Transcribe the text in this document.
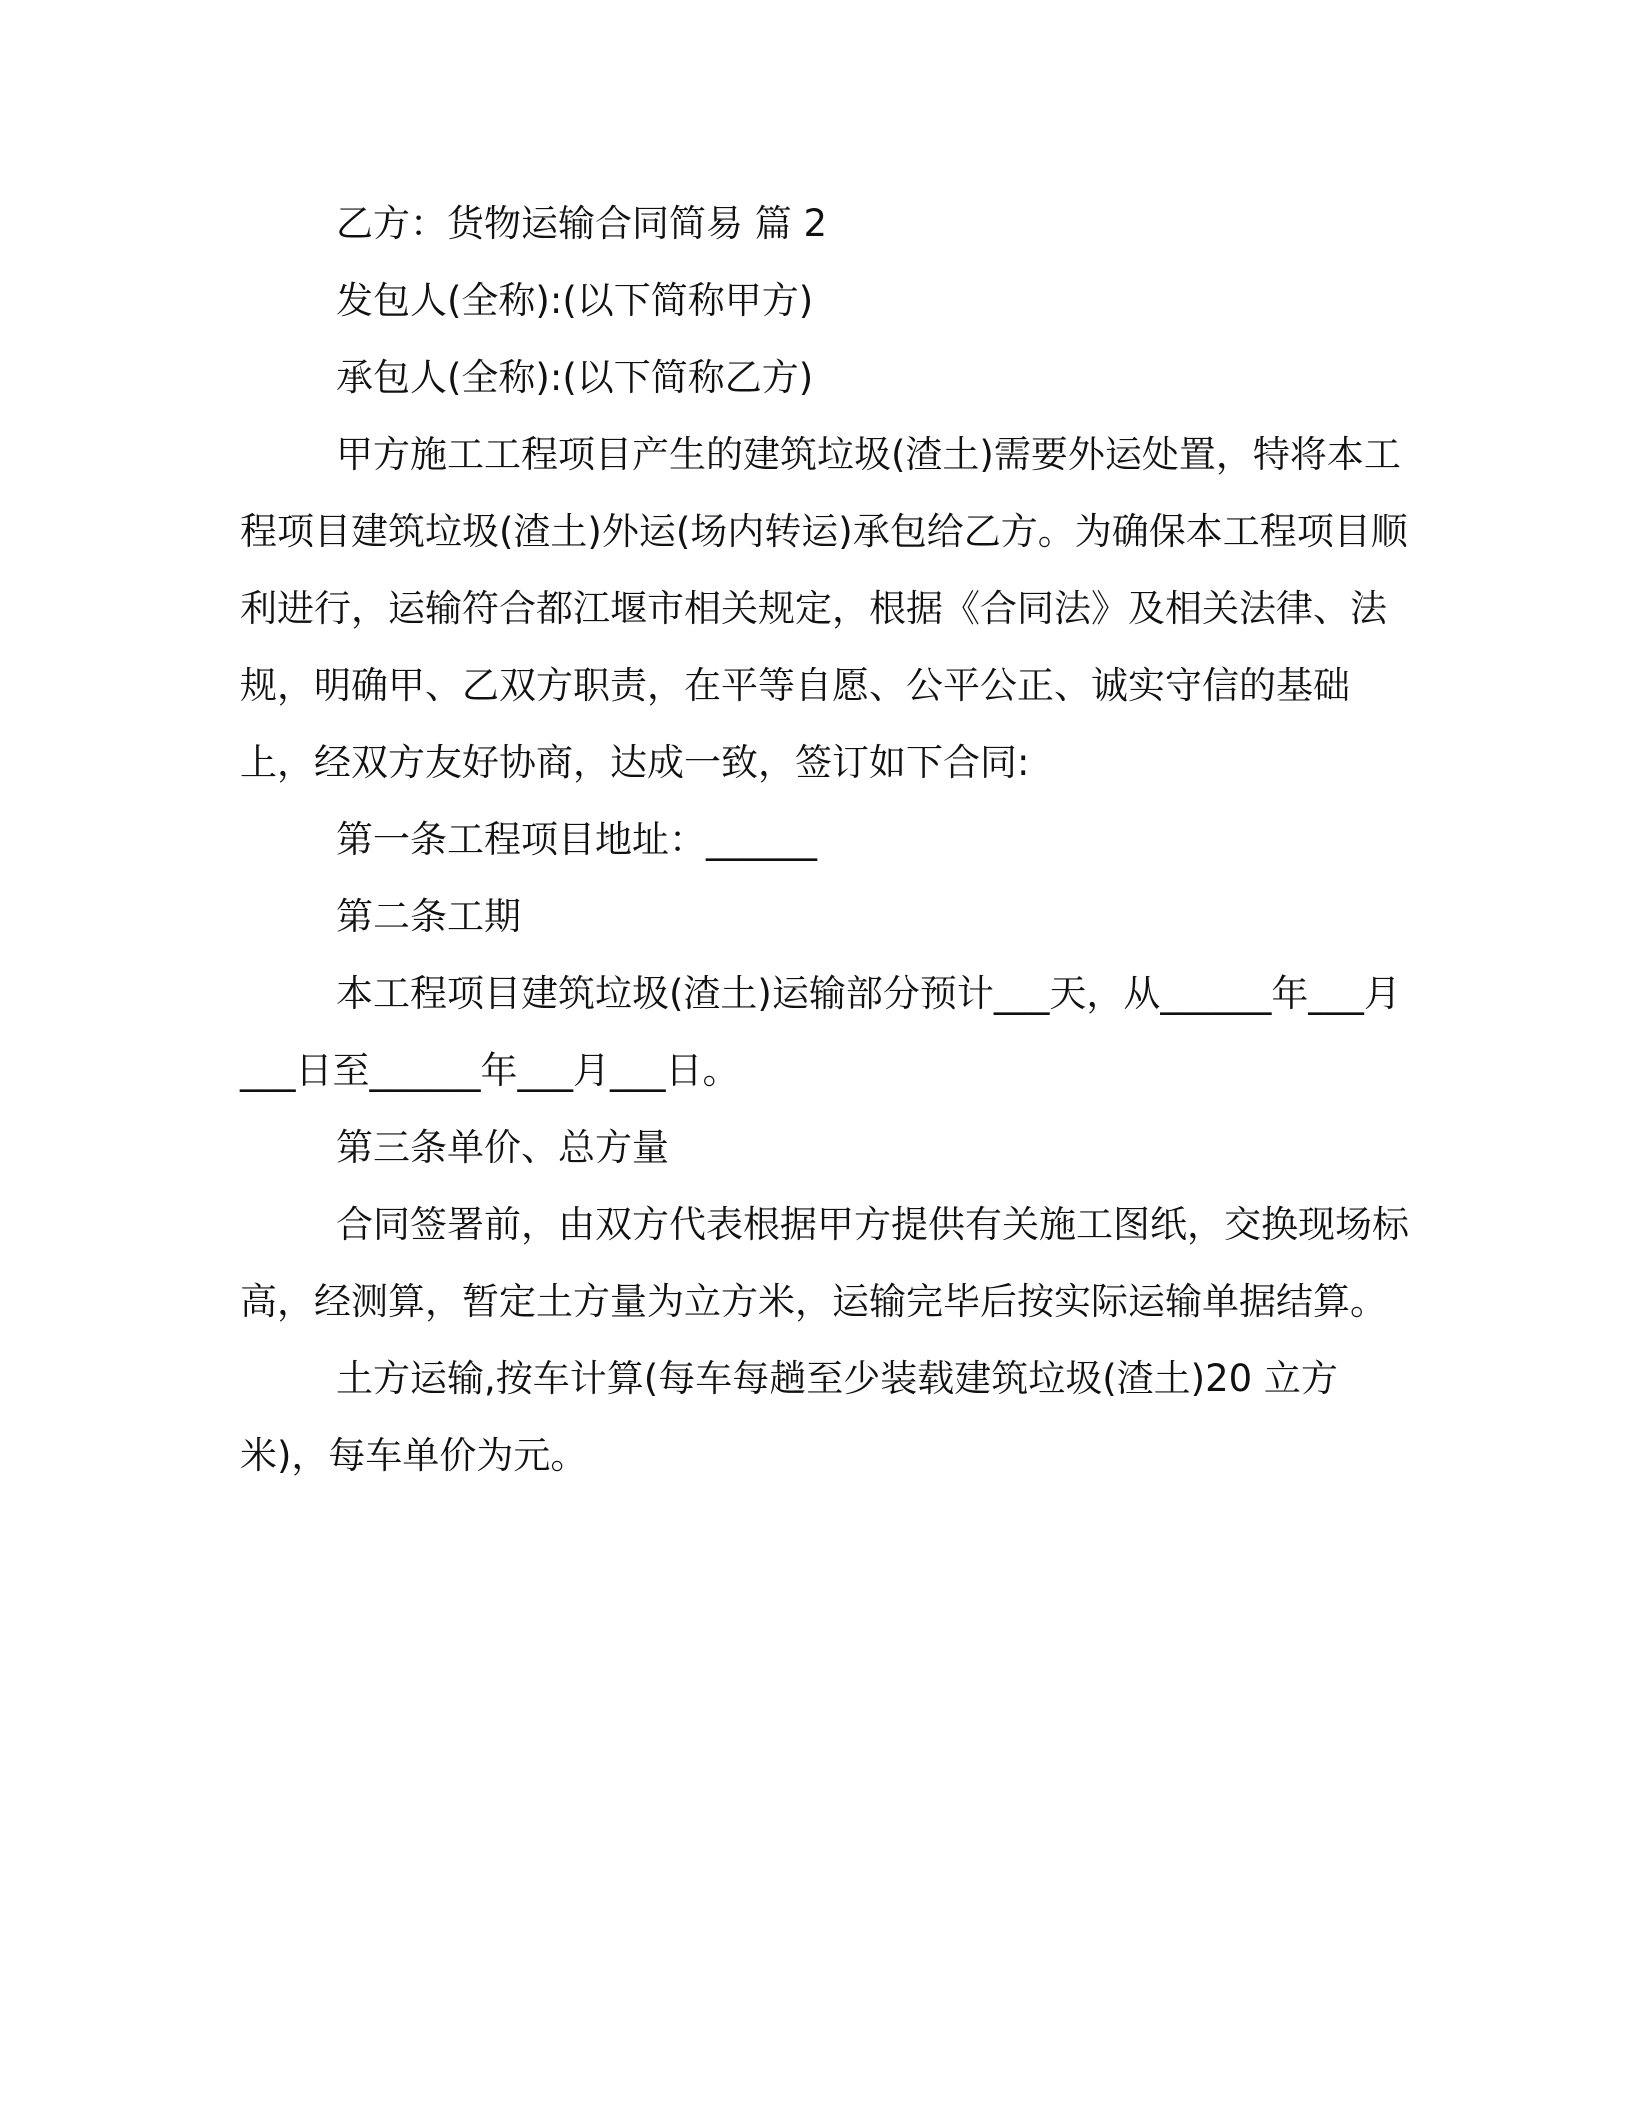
乙方：货物运输合同简易 篇 2

发包人(全称):(以下简称甲方)

承包人(全称):(以下简称乙方)

甲方施工工程项目产生的建筑垃圾(渣土)需要外运处置，特将本工程项目建筑垃圾(渣土)外运(场内转运)承包给乙方。为确保本工程项目顺利进行，运输符合都江堰市相关规定，根据《合同法》及相关法律、法规，明确甲、乙双方职责，在平等自愿、公平公正、诚实守信的基础上，经双方友好协商，达成一致，签订如下合同:

第一条工程项目地址：______

第二条工期

本工程项目建筑垃圾(渣土)运输部分预计___天，从______年___月___日至______年___月___日。

第三条单价、总方量

合同签署前，由双方代表根据甲方提供有关施工图纸，交换现场标高，经测算，暂定土方量为立方米，运输完毕后按实际运输单据结算。

土方运输,按车计算(每车每趟至少装载建筑垃圾(渣土)20 立方米)，每车单价为元。
